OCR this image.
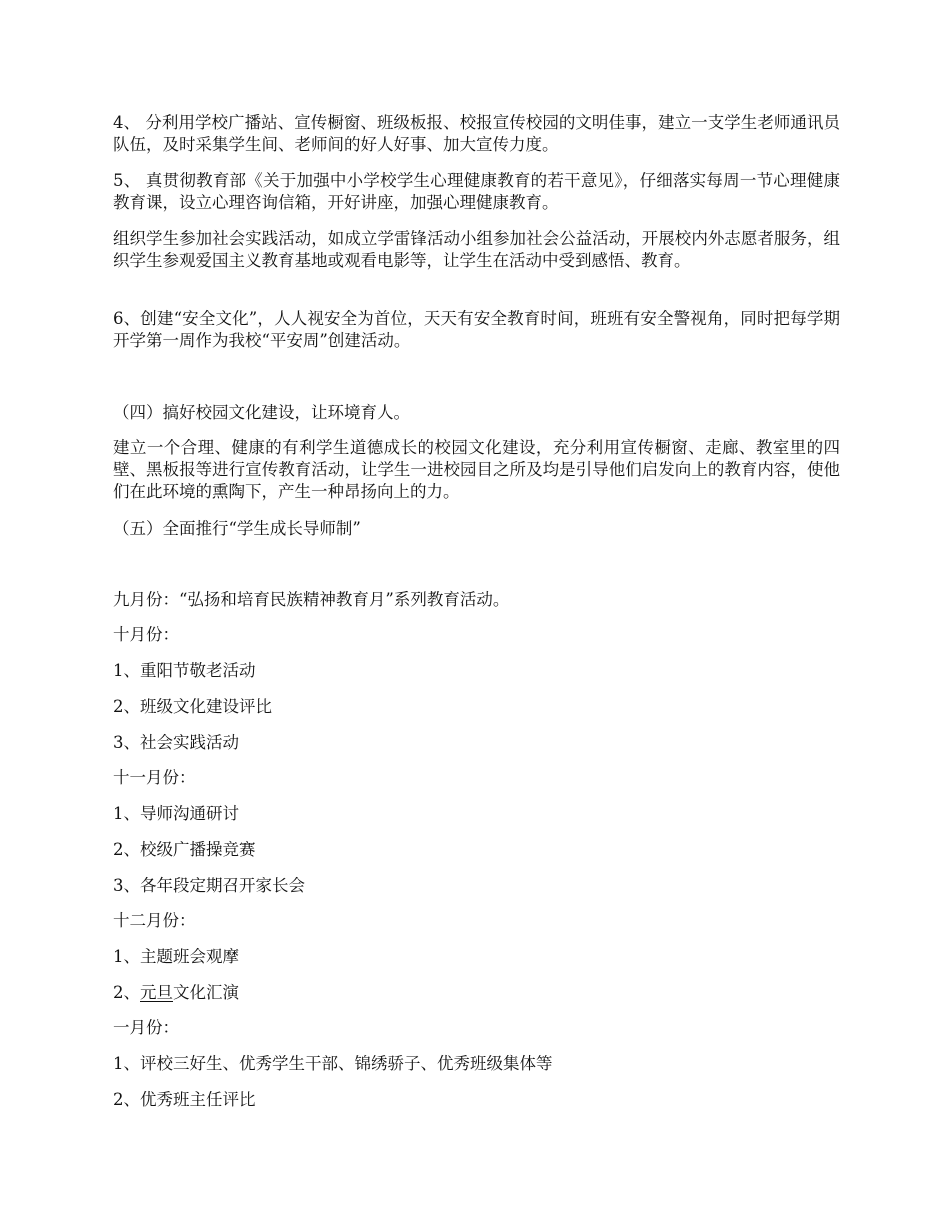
4、 分利用学校广播站、宣传橱窗、班级板报、校报宣传校园的文明佳事，建立一支学生老师通讯员队伍，及时采集学生间、老师间的好人好事、加大宣传力度。

5、 真贯彻教育部《关于加强中小学校学生心理健康教育的若干意见》，仔细落实每周一节心理健康教育课，设立心理咨询信箱，开好讲座，加强心理健康教育。

组织学生参加社会实践活动，如成立学雷锋活动小组参加社会公益活动，开展校内外志愿者服务，组织学生参观爱国主义教育基地或观看电影等，让学生在活动中受到感悟、教育。

6、创建“安全文化”，人人视安全为首位，天天有安全教育时间，班班有安全警视角，同时把每学期开学第一周作为我校“平安周”创建活动。

（四）搞好校园文化建设，让环境育人。

建立一个合理、健康的有利学生道德成长的校园文化建设，充分利用宣传橱窗、走廊、教室里的四壁、黑板报等进行宣传教育活动，让学生一进校园目之所及均是引导他们启发向上的教育内容，使他们在此环境的熏陶下，产生一种昂扬向上的力。

（五）全面推行“学生成长导师制”

九月份：“弘扬和培育民族精神教育月”系列教育活动。

十月份：

1、重阳节敬老活动

2、班级文化建设评比

3、社会实践活动

十一月份：

1、导师沟通研讨

2、校级广播操竞赛

3、各年段定期召开家长会

十二月份：

1、主题班会观摩

2、元旦文化汇演

一月份：

1、评校三好生、优秀学生干部、锦绣骄子、优秀班级集体等

2、优秀班主任评比
